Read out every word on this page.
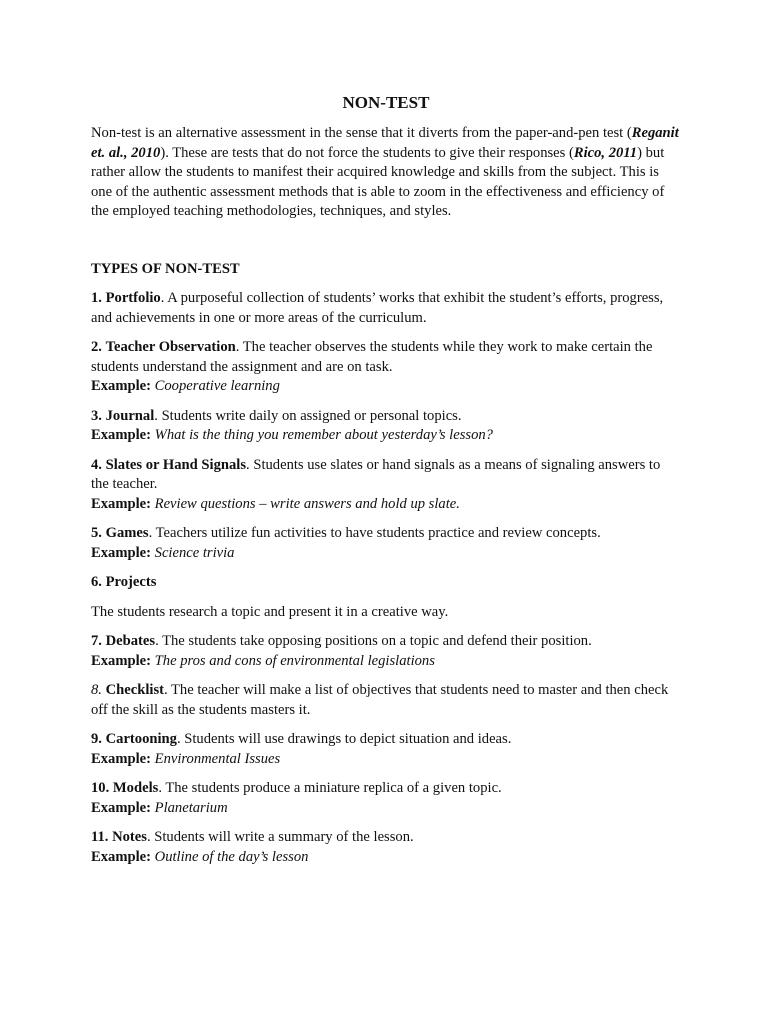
NON-TEST

Non-test is an alternative assessment in the sense that it diverts from the paper-and-pen test (Reganit et. al., 2010). These are tests that do not force the students to give their responses (Rico, 2011) but rather allow the students to manifest their acquired knowledge and skills from the subject. This is one of the authentic assessment methods that is able to zoom in the effectiveness and efficiency of the employed teaching methodologies, techniques, and styles.

TYPES OF NON-TEST

1. Portfolio. A purposeful collection of students’ works that exhibit the student’s efforts, progress, and achievements in one or more areas of the curriculum.

2. Teacher Observation. The teacher observes the students while they work to make certain the students understand the assignment and are on task.

Example: Cooperative learning

3. Journal. Students write daily on assigned or personal topics.

Example: What is the thing you remember about yesterday’s lesson?

4. Slates or Hand Signals. Students use slates or hand signals as a means of signaling answers to the teacher.

Example: Review questions – write answers and hold up slate.

5. Games. Teachers utilize fun activities to have students practice and review concepts.

Example: Science trivia

6. Projects

The students research a topic and present it in a creative way.

7. Debates. The students take opposing positions on a topic and defend their position.

Example: The pros and cons of environmental legislations

8. Checklist. The teacher will make a list of objectives that students need to master and then check off the skill as the students masters it.

9. Cartooning. Students will use drawings to depict situation and ideas.

Example: Environmental Issues

10. Models. The students produce a miniature replica of a given topic.

Example: Planetarium

11. Notes. Students will write a summary of the lesson.

Example: Outline of the day’s lesson
